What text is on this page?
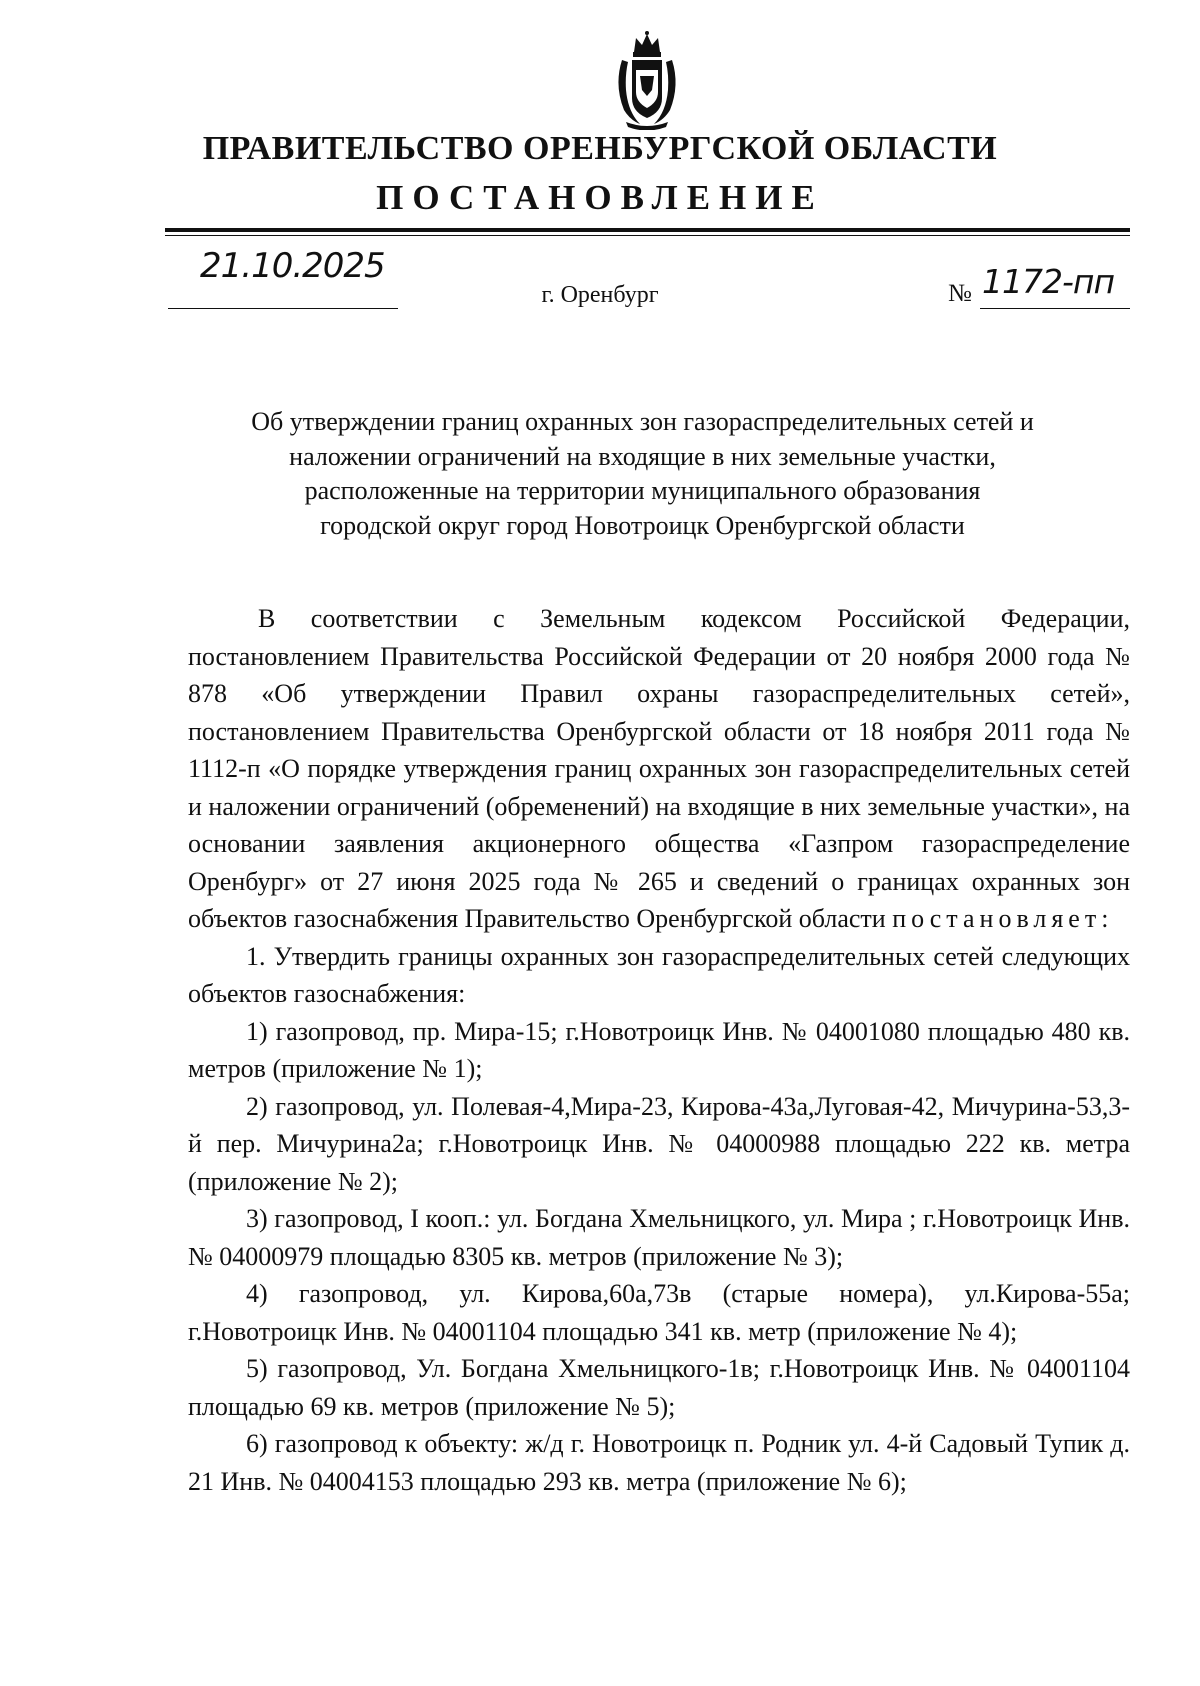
ПРАВИТЕЛЬСТВО ОРЕНБУРГСКОЙ ОБЛАСТИ
ПОСТАНОВЛЕНИЕ
21.10.2025
г. Оренбург	№ 1172-пп
Об утверждении границ охранных зон газораспределительных сетей и
наложении ограничений на входящие в них земельные участки,
расположенные на территории муниципального образования
городской округ город Новотроицк Оренбургской области
В соответствии с Земельным кодексом Российской Федерации, постановлением Правительства Российской Федерации от 20 ноября 2000 года № 878 «Об утверждении Правил охраны газораспределительных сетей», постановлением Правительства Оренбургской области от 18 ноября 2011 года № 1112-п «О порядке утверждения границ охранных зон газораспределительных сетей и наложении ограничений (обременений) на входящие в них земельные участки», на основании заявления акционерного общества «Газпром газораспределение Оренбург» от 27 июня 2025 года № 265 и сведений о границах охранных зон объектов газоснабжения Правительство Оренбургской области постановляет:
1. Утвердить границы охранных зон газораспределительных сетей следующих объектов газоснабжения:
1) газопровод, пр. Мира-15; г.Новотроицк Инв. № 04001080 площадью 480 кв. метров (приложение № 1);
2) газопровод, ул. Полевая-4,Мира-23, Кирова-43а,Луговая-42, Мичурина-53,3-й пер. Мичурина2а; г.Новотроицк Инв. № 04000988 площадью 222 кв. метра (приложение № 2);
3) газопровод, I кооп.: ул. Богдана Хмельницкого, ул. Мира ; г.Новотроицк Инв. № 04000979 площадью 8305 кв. метров (приложение № 3);
4) газопровод, ул. Кирова,60а,73в (старые номера), ул.Кирова-55а; г.Новотроицк Инв. № 04001104 площадью 341 кв. метр (приложение № 4);
5) газопровод, Ул. Богдана Хмельницкого-1в; г.Новотроицк Инв. № 04001104 площадью 69 кв. метров (приложение № 5);
6) газопровод к объекту: ж/д г. Новотроицк п. Родник ул. 4-й Садовый Тупик д. 21 Инв. № 04004153 площадью 293 кв. метра (приложение № 6);
